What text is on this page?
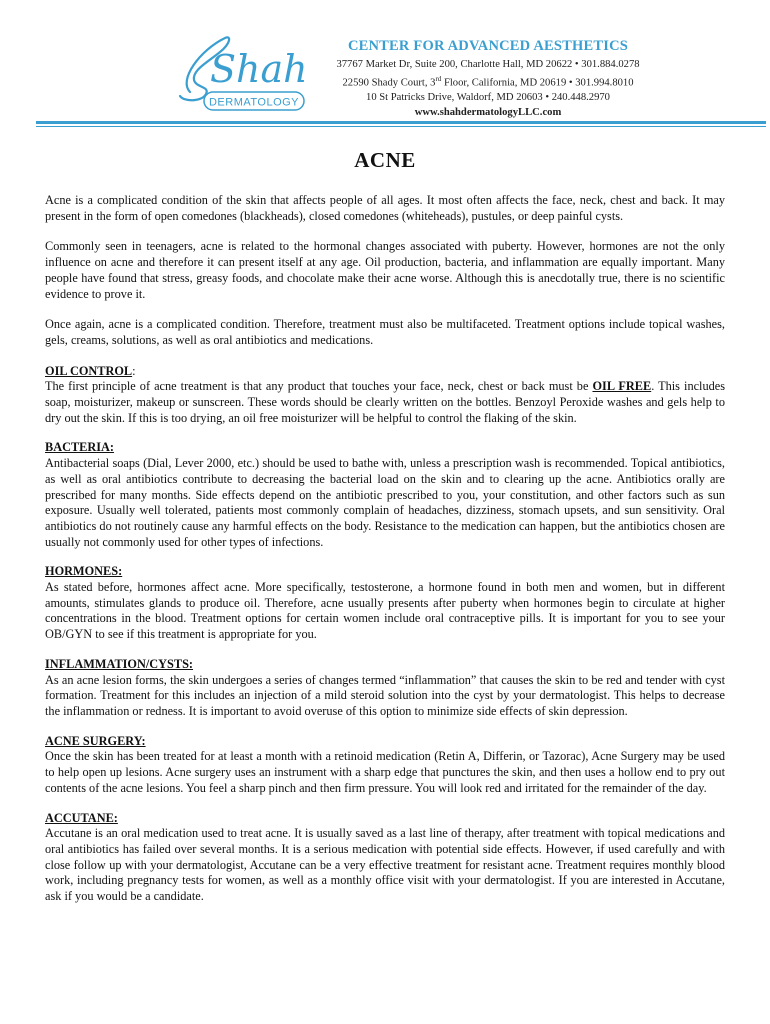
Shah
DERMATOLOGY
CENTER FOR ADVANCED AESTHETICS
37767 Market Dr, Suite 200, Charlotte Hall, MD 20622 • 301.884.0278
22590 Shady Court, 3rd Floor, California, MD 20619 • 301.994.8010
10 St Patricks Drive, Waldorf, MD 20603 • 240.448.2970
www.shahdermatologyLLC.com
ACNE

Acne is a complicated condition of the skin that affects people of all ages. It most often affects the face, neck, chest and back. It may present in the form of open comedones (blackheads), closed comedones (whiteheads), pustules, or deep painful cysts.

Commonly seen in teenagers, acne is related to the hormonal changes associated with puberty. However, hormones are not the only influence on acne and therefore it can present itself at any age. Oil production, bacteria, and inflammation are equally important. Many people have found that stress, greasy foods, and chocolate make their acne worse. Although this is anecdotally true, there is no scientific evidence to prove it.

Once again, acne is a complicated condition. Therefore, treatment must also be multifaceted. Treatment options include topical washes, gels, creams, solutions, as well as oral antibiotics and medications.

OIL CONTROL:

The first principle of acne treatment is that any product that touches your face, neck, chest or back must be OIL FREE. This includes soap, moisturizer, makeup or sunscreen. These words should be clearly written on the bottles. Benzoyl Peroxide washes and gels help to dry out the skin. If this is too drying, an oil free moisturizer will be helpful to control the flaking of the skin.

BACTERIA:

Antibacterial soaps (Dial, Lever 2000, etc.) should be used to bathe with, unless a prescription wash is recommended. Topical antibiotics, as well as oral antibiotics contribute to decreasing the bacterial load on the skin and to clearing up the acne. Antibiotics orally are prescribed for many months. Side effects depend on the antibiotic prescribed to you, your constitution, and other factors such as sun exposure. Usually well tolerated, patients most commonly complain of headaches, dizziness, stomach upsets, and sun sensitivity. Oral antibiotics do not routinely cause any harmful effects on the body. Resistance to the medication can happen, but the antibiotics chosen are usually not commonly used for other types of infections.

HORMONES:

As stated before, hormones affect acne. More specifically, testosterone, a hormone found in both men and women, but in different amounts, stimulates glands to produce oil. Therefore, acne usually presents after puberty when hormones begin to circulate at higher concentrations in the blood. Treatment options for certain women include oral contraceptive pills. It is important for you to see your OB/GYN to see if this treatment is appropriate for you.

INFLAMMATION/CYSTS:

As an acne lesion forms, the skin undergoes a series of changes termed “inflammation” that causes the skin to be red and tender with cyst formation. Treatment for this includes an injection of a mild steroid solution into the cyst by your dermatologist. This helps to decrease the inflammation or redness. It is important to avoid overuse of this option to minimize side effects of skin depression.

ACNE SURGERY:

Once the skin has been treated for at least a month with a retinoid medication (Retin A, Differin, or Tazorac), Acne Surgery may be used to help open up lesions. Acne surgery uses an instrument with a sharp edge that punctures the skin, and then uses a hollow end to pry out contents of the acne lesions. You feel a sharp pinch and then firm pressure. You will look red and irritated for the remainder of the day.

ACCUTANE:

Accutane is an oral medication used to treat acne. It is usually saved as a last line of therapy, after treatment with topical medications and oral antibiotics has failed over several months. It is a serious medication with potential side effects. However, if used carefully and with close follow up with your dermatologist, Accutane can be a very effective treatment for resistant acne. Treatment requires monthly blood work, including pregnancy tests for women, as well as a monthly office visit with your dermatologist. If you are interested in Accutane, ask if you would be a candidate.
